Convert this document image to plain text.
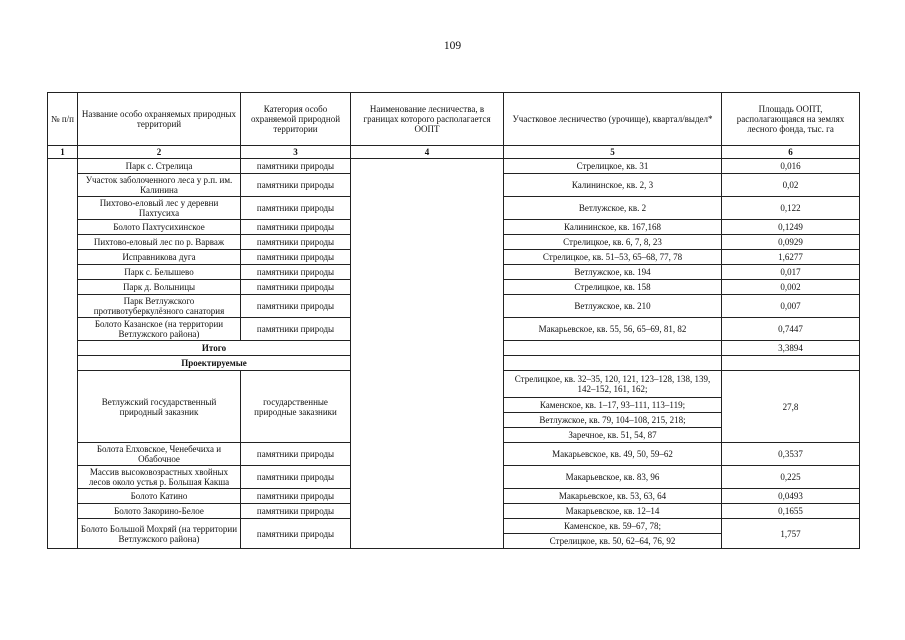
109
№ п/п	Название особо охраняемых природных территорий	Категория особо охраняемой природной территории	Наименование лесничества, в границах которого располагается ООПТ	Участковое лесничество (урочище), квартал/выдел*	Площадь ООПТ, располагающаяся на землях лесного фонда, тыс. га
1	2	3	4	5	6
	Парк с. Стрелица	памятники природы		Стрелицкое, кв. 31	0,016
	Участок заболоченного леса у р.п. им. Калинина	памятники природы		Калининское, кв. 2, 3	0,02
	Пихтово-еловый лес у деревни Пахтусиха	памятники природы		Ветлужское, кв. 2	0,122
	Болото Пахтусихинское	памятники природы		Калининское, кв. 167,168	0,1249
	Пихтово-еловый лес по р. Варваж	памятники природы		Стрелицкое, кв. 6, 7, 8, 23	0,0929
	Исправникова дуга	памятники природы		Стрелицкое, кв. 51–53, 65–68, 77, 78	1,6277
	Парк с. Белышево	памятники природы		Ветлужское, кв. 194	0,017
	Парк д. Волыницы	памятники природы		Стрелицкое, кв. 158	0,002
	Парк Ветлужского противотуберкулёзного санатория	памятники природы		Ветлужское, кв. 210	0,007
	Болото Казанское (на территории Ветлужского района)	памятники природы		Макарьевское, кв. 55, 56, 65–69, 81, 82	0,7447
	Итого				3,3894
	Проектируемые				
	Ветлужский государственный природный заказник	государственные природные заказники		Стрелицкое, кв. 32–35, 120, 121, 123–128, 138, 139, 142–152, 161, 162;	27,8
				Каменское, кв. 1–17, 93–111, 113–119;	
				Ветлужское, кв. 79, 104–108, 215, 218;	
				Заречное, кв. 51, 54, 87	
	Болота Елховское, Ченебечиха и Обабочное	памятники природы		Макарьевское, кв. 49, 50, 59–62	0,3537
	Массив высоковозрастных хвойных лесов около устья р. Большая Какша	памятники природы		Макарьевское, кв. 83, 96	0,225
	Болото Катино	памятники природы		Макарьевское, кв. 53, 63, 64	0,0493
	Болото Закорино-Белое	памятники природы		Макарьевское, кв. 12–14	0,1655
	Болото Большой Мохряй (на территории Ветлужского района)	памятники природы		Каменское, кв. 59–67, 78;	1,757
				Стрелицкое, кв. 50, 62–64, 76, 92	
